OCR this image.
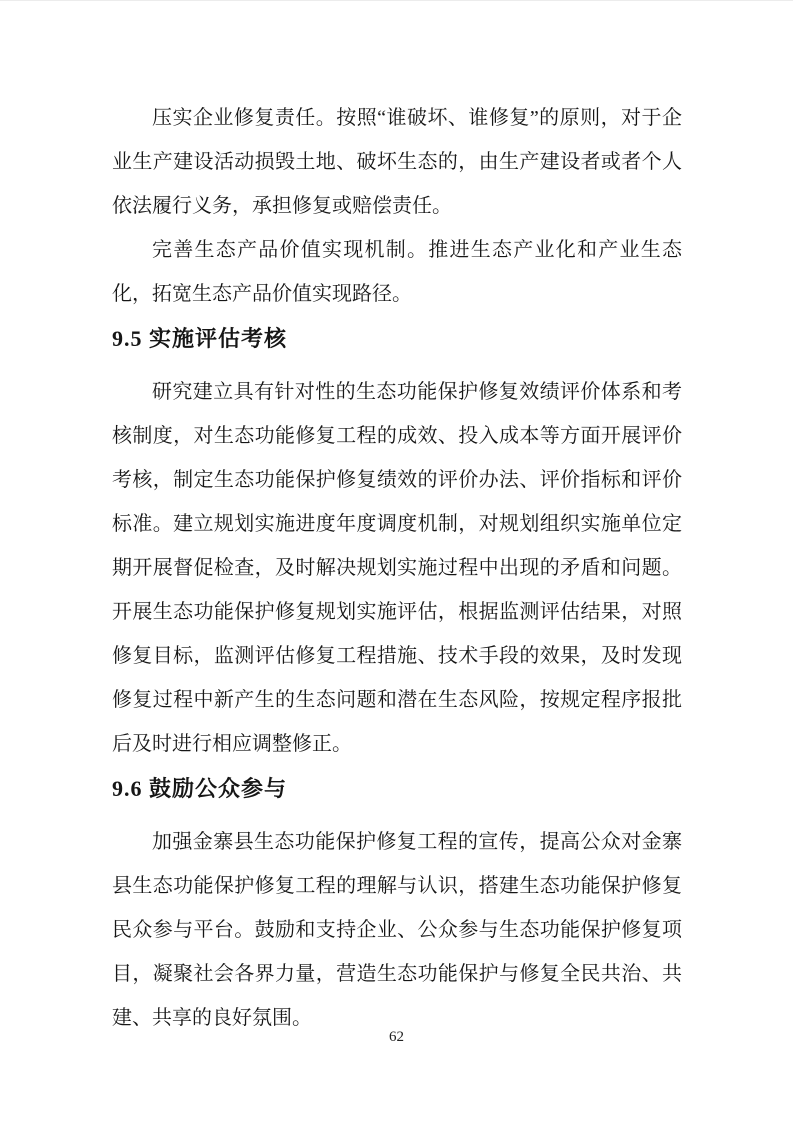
压实企业修复责任。按照“谁破坏、谁修复”的原则，对于企业生产建设活动损毁土地、破坏生态的，由生产建设者或者个人依法履行义务，承担修复或赔偿责任。

完善生态产品价值实现机制。推进生态产业化和产业生态化，拓宽生态产品价值实现路径。

9.5 实施评估考核

研究建立具有针对性的生态功能保护修复效绩评价体系和考核制度，对生态功能修复工程的成效、投入成本等方面开展评价考核，制定生态功能保护修复绩效的评价办法、评价指标和评价标准。建立规划实施进度年度调度机制，对规划组织实施单位定期开展督促检查，及时解决规划实施过程中出现的矛盾和问题。开展生态功能保护修复规划实施评估，根据监测评估结果，对照修复目标，监测评估修复工程措施、技术手段的效果，及时发现修复过程中新产生的生态问题和潜在生态风险，按规定程序报批后及时进行相应调整修正。

9.6 鼓励公众参与

加强金寨县生态功能保护修复工程的宣传，提高公众对金寨县生态功能保护修复工程的理解与认识，搭建生态功能保护修复民众参与平台。鼓励和支持企业、公众参与生态功能保护修复项目，凝聚社会各界力量，营造生态功能保护与修复全民共治、共建、共享的良好氛围。

62
